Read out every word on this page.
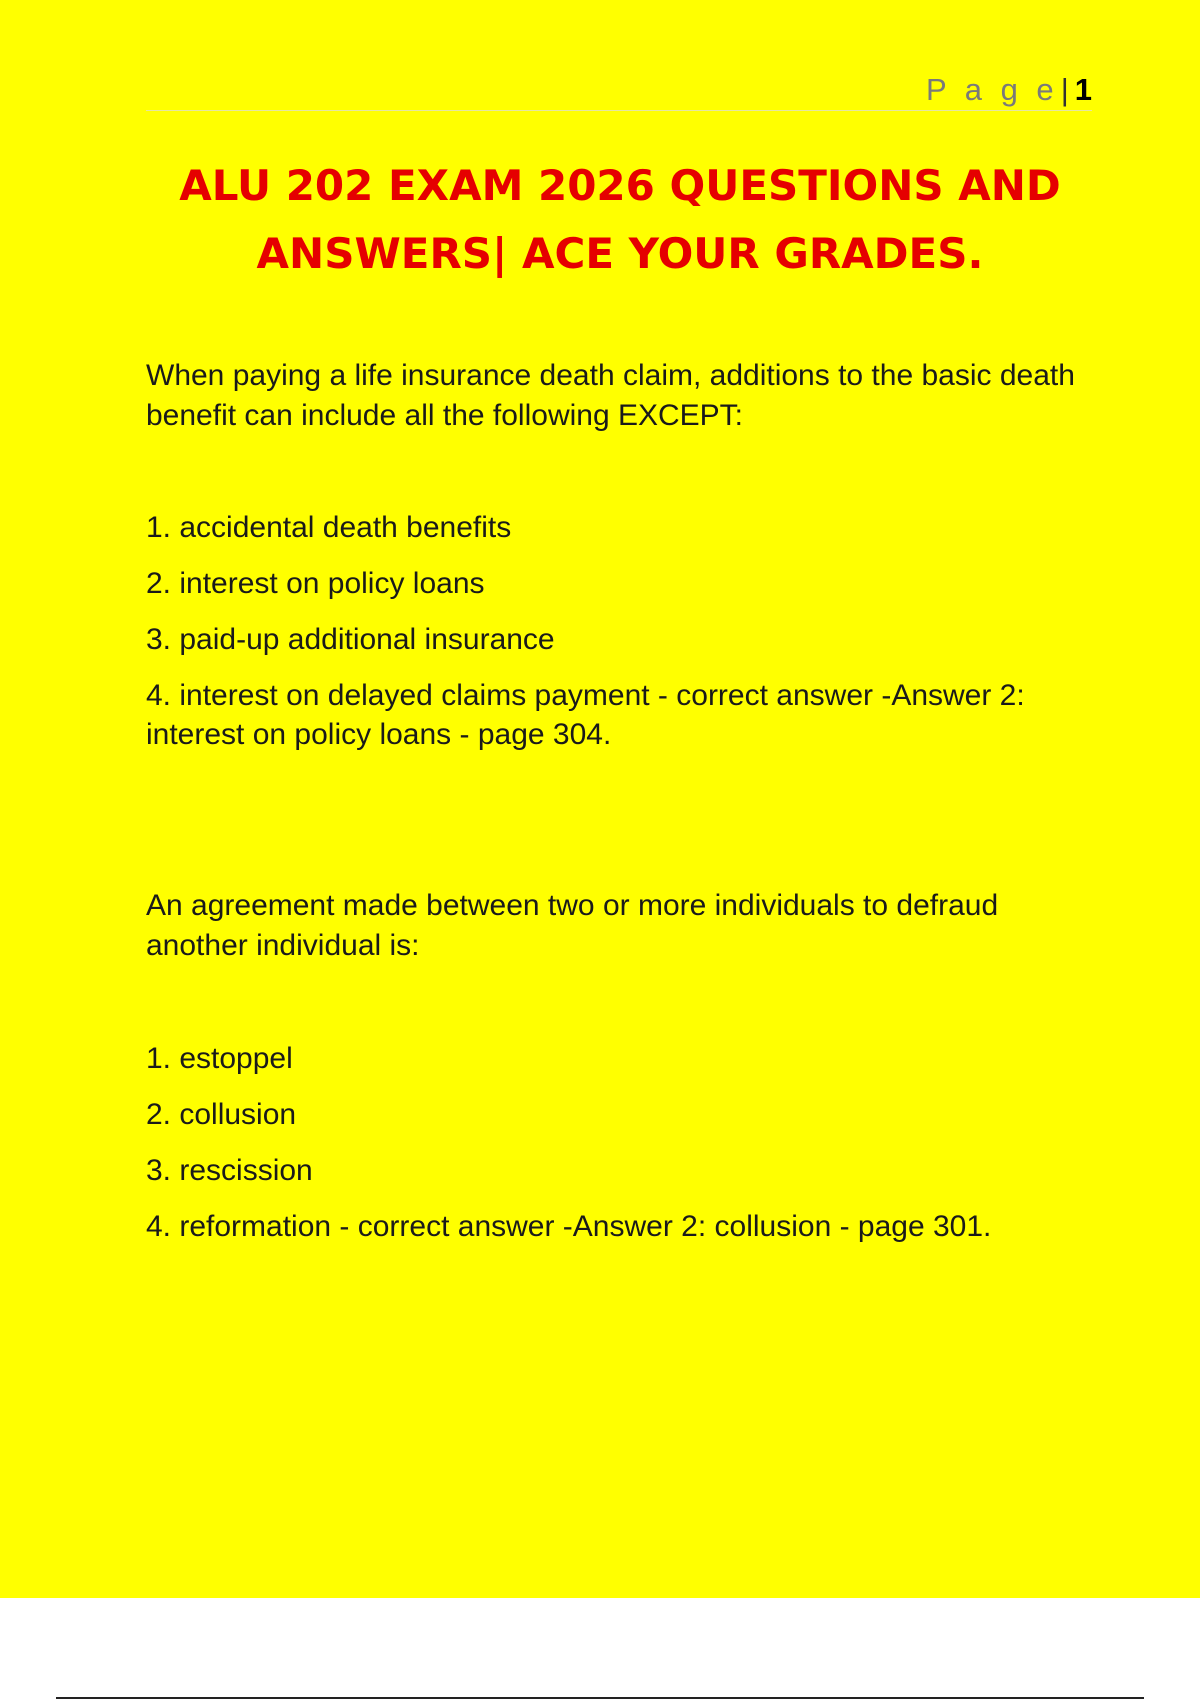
P a g e| 1
ALU 202 EXAM 2026 QUESTIONS AND ANSWERS| ACE YOUR GRADES.

When paying a life insurance death claim, additions to the basic death benefit can include all the following EXCEPT:

1. accidental death benefits
2. interest on policy loans
3. paid-up additional insurance
4. interest on delayed claims payment - correct answer -Answer 2: interest on policy loans - page 304.

An agreement made between two or more individuals to defraud another individual is:

1. estoppel
2. collusion
3. rescission
4. reformation - correct answer -Answer 2: collusion - page 301.
